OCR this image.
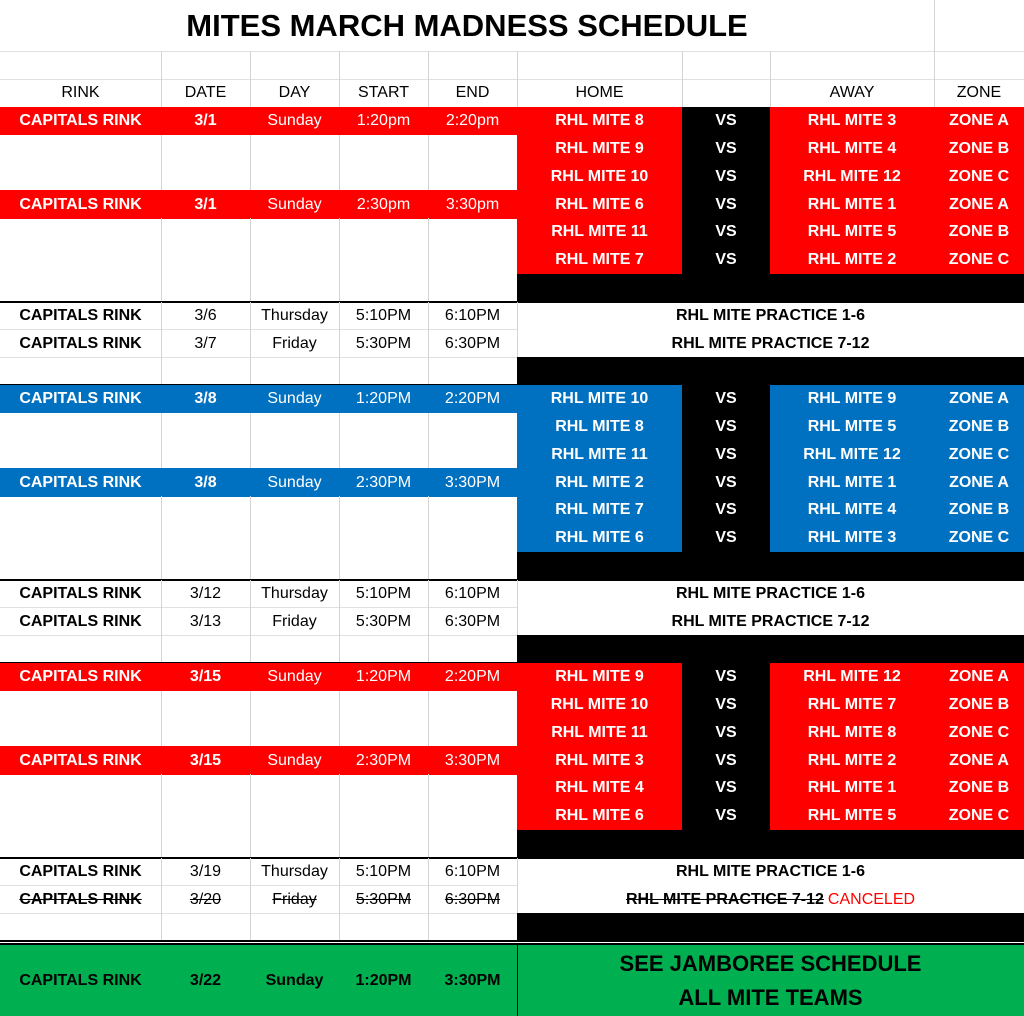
MITES MARCH MADNESS SCHEDULE
RINK	DATE	DAY	START	END	HOME	AWAY	ZONE
CAPITALS RINK	3/1	Sunday	1:20pm	2:20pm	RHL MITE 8	VS	RHL MITE 3	ZONE A
RHL MITE 9	VS	RHL MITE 4	ZONE B
RHL MITE 10	VS	RHL MITE 12	ZONE C
CAPITALS RINK	3/1	Sunday	2:30pm	3:30pm	RHL MITE 6	VS	RHL MITE 1	ZONE A
RHL MITE 11	VS	RHL MITE 5	ZONE B
RHL MITE 7	VS	RHL MITE 2	ZONE C
CAPITALS RINK	3/6	Thursday	5:10PM	6:10PM	RHL MITE PRACTICE 1-6
CAPITALS RINK	3/7	Friday	5:30PM	6:30PM	RHL MITE PRACTICE 7-12
CAPITALS RINK	3/8	Sunday	1:20PM	2:20PM	RHL MITE 10	VS	RHL MITE 9	ZONE A
RHL MITE 8	VS	RHL MITE 5	ZONE B
RHL MITE 11	VS	RHL MITE 12	ZONE C
CAPITALS RINK	3/8	Sunday	2:30PM	3:30PM	RHL MITE 2	VS	RHL MITE 1	ZONE A
RHL MITE 7	VS	RHL MITE 4	ZONE B
RHL MITE 6	VS	RHL MITE 3	ZONE C
CAPITALS RINK	3/12	Thursday	5:10PM	6:10PM	RHL MITE PRACTICE 1-6
CAPITALS RINK	3/13	Friday	5:30PM	6:30PM	RHL MITE PRACTICE 7-12
CAPITALS RINK	3/15	Sunday	1:20PM	2:20PM	RHL MITE 9	VS	RHL MITE 12	ZONE A
RHL MITE 10	VS	RHL MITE 7	ZONE B
RHL MITE 11	VS	RHL MITE 8	ZONE C
CAPITALS RINK	3/15	Sunday	2:30PM	3:30PM	RHL MITE 3	VS	RHL MITE 2	ZONE A
RHL MITE 4	VS	RHL MITE 1	ZONE B
RHL MITE 6	VS	RHL MITE 5	ZONE C
CAPITALS RINK	3/19	Thursday	5:10PM	6:10PM	RHL MITE PRACTICE 1-6
CAPITALS RINK	3/20	Friday	5:30PM	6:30PM	RHL MITE PRACTICE 7-12 CANCELED
CAPITALS RINK	3/22	Sunday	1:20PM	3:30PM
SEE JAMBOREE SCHEDULE
ALL MITE TEAMS
